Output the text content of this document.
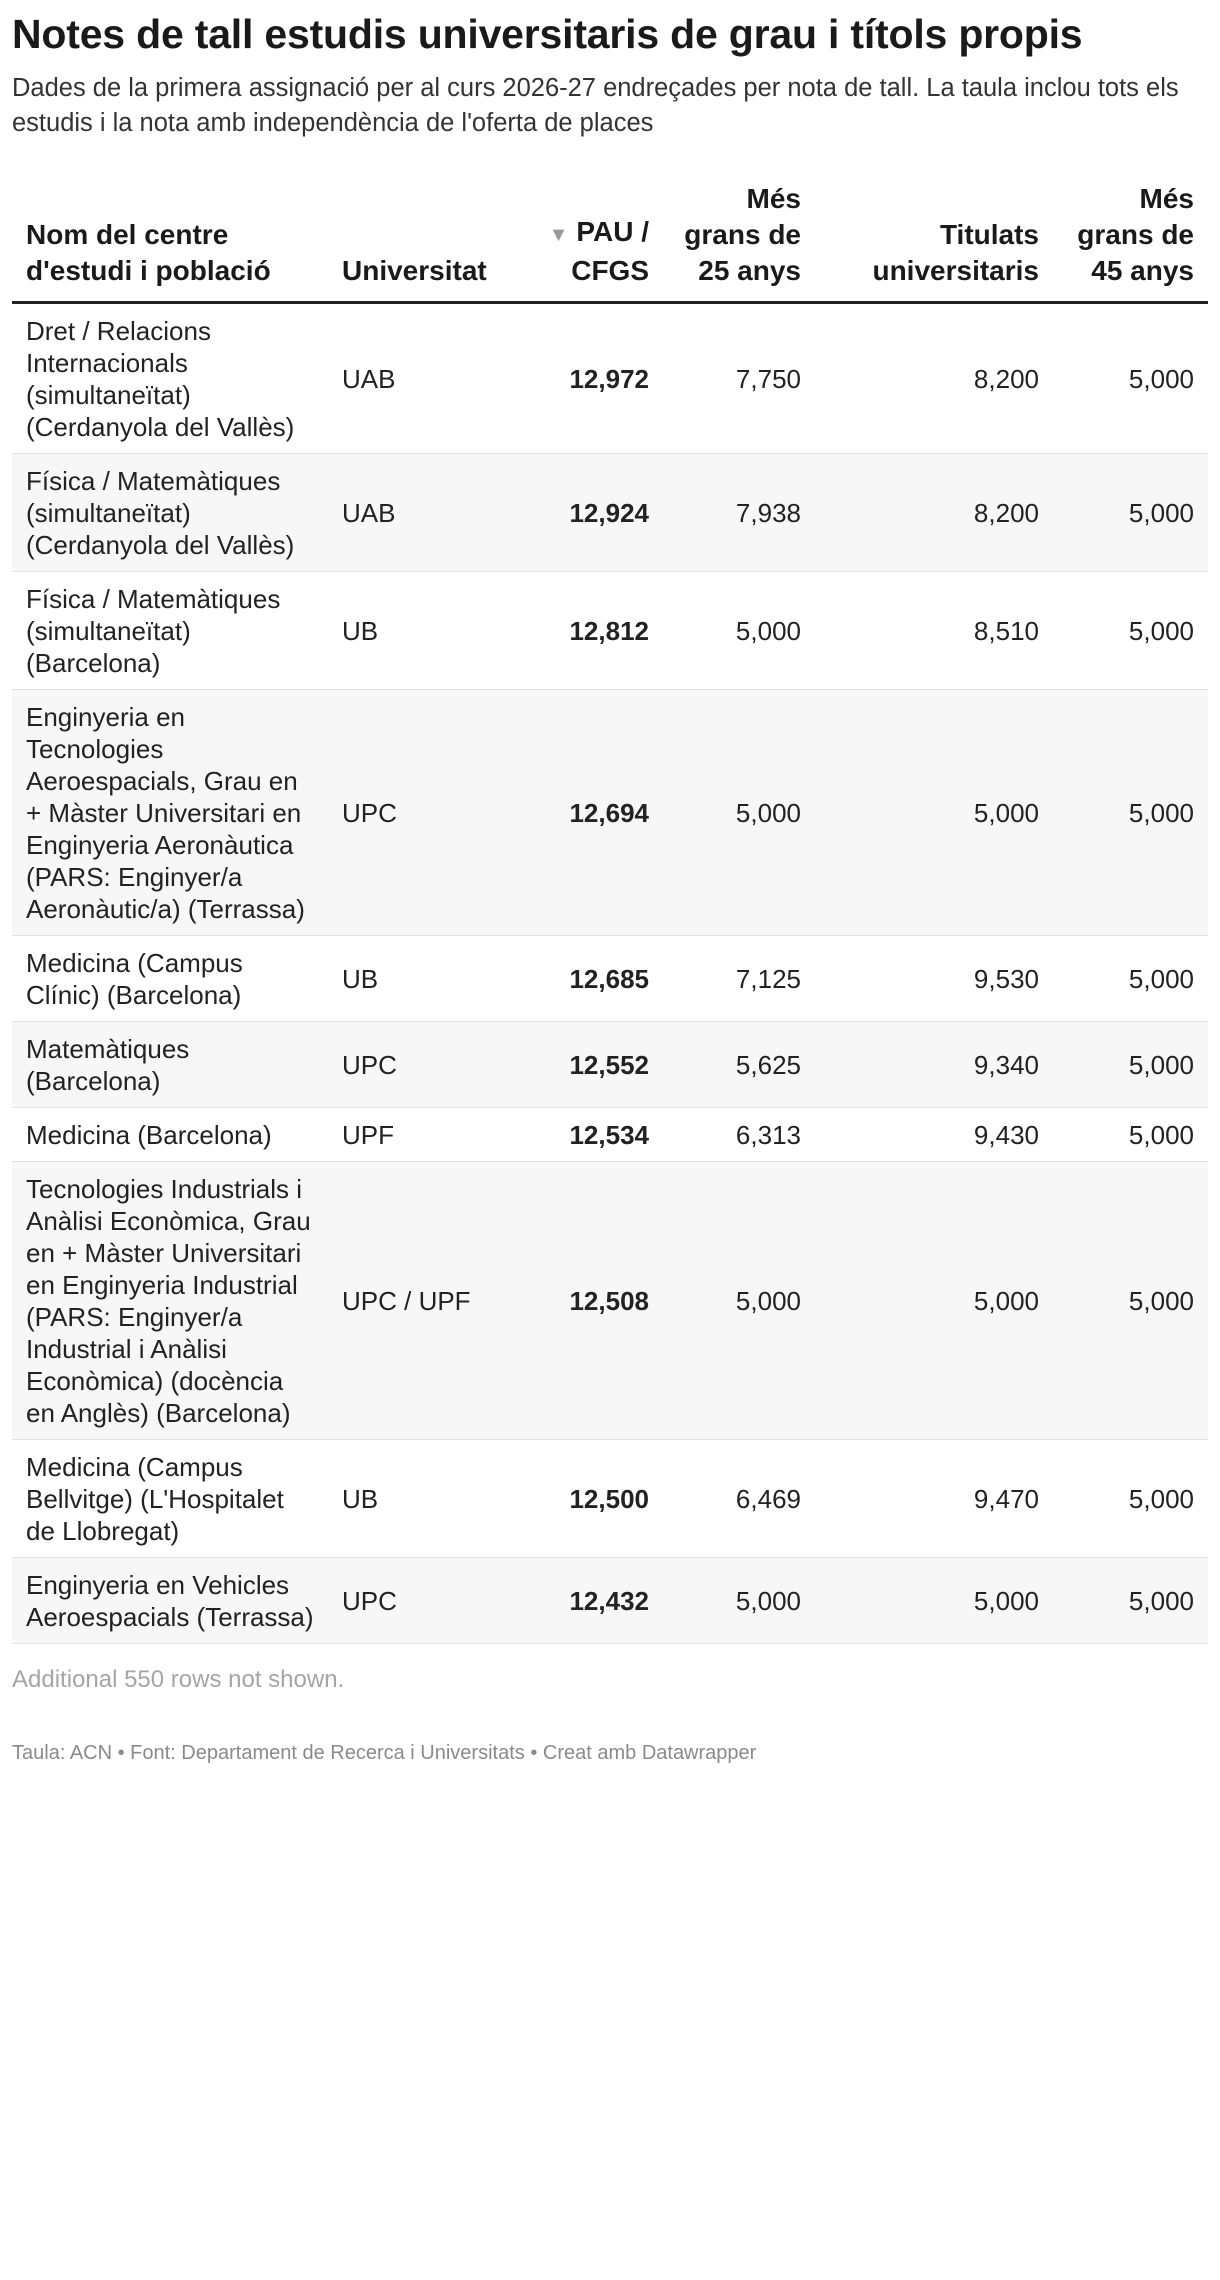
Notes de tall estudis universitaris de grau i títols propis

Dades de la primera assignació per al curs 2026-27 endreçades per nota de tall. La taula inclou tots els estudis i la nota amb independència de l'oferta de places

Nom del centre d'estudi i població	Universitat	▼ PAU / CFGS	Més grans de 25 anys	Titulats universitaris	Més grans de 45 anys
Dret / Relacions Internacionals (simultaneïtat) (Cerdanyola del Vallès)	UAB	12,972	7,750	8,200	5,000
Física / Matemàtiques (simultaneïtat) (Cerdanyola del Vallès)	UAB	12,924	7,938	8,200	5,000
Física / Matemàtiques (simultaneïtat) (Barcelona)	UB	12,812	5,000	8,510	5,000
Enginyeria en Tecnologies Aeroespacials, Grau en + Màster Universitari en Enginyeria Aeronàutica (PARS: Enginyer/a Aeronàutic/a) (Terrassa)	UPC	12,694	5,000	5,000	5,000
Medicina (Campus Clínic) (Barcelona)	UB	12,685	7,125	9,530	5,000
Matemàtiques (Barcelona)	UPC	12,552	5,625	9,340	5,000
Medicina (Barcelona)	UPF	12,534	6,313	9,430	5,000
Tecnologies Industrials i Anàlisi Econòmica, Grau en + Màster Universitari en Enginyeria Industrial (PARS: Enginyer/a Industrial i Anàlisi Econòmica) (docència en Anglès) (Barcelona)	UPC / UPF	12,508	5,000	5,000	5,000
Medicina (Campus Bellvitge) (L'Hospitalet de Llobregat)	UB	12,500	6,469	9,470	5,000
Enginyeria en Vehicles Aeroespacials (Terrassa)	UPC	12,432	5,000	5,000	5,000
Additional 550 rows not shown.
Taula: ACN • Font: Departament de Recerca i Universitats • Creat amb Datawrapper
